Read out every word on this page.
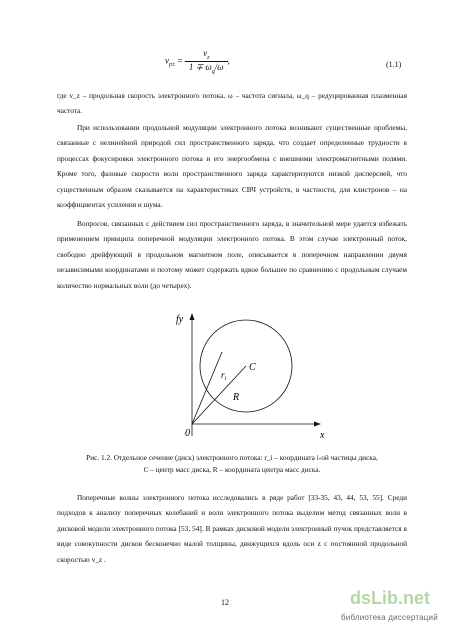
$v_{p\pm} = \frac{v_z}{1 \mp \omega_q/\omega}$ ,	(1.1)
где v_z – продольная скорость электронного потока, ω – частота сигнала, ω_q – редуцированная плазменная частота.
При использовании продольной модуляции электронного потока возникают существенные проблемы, связанные с нелинейной природой сил пространственного заряда, что создает определенные трудности в процессах фокусировки электронного потока и его энергообмена с внешними электромагнитными полями. Кроме того, фазовые скорости волн пространственного заряда характеризуются низкой дисперсией, что существенным образом сказывается на характеристиках СВЧ устройств, в частности, для клистронов – на коэффициентах усиления и шума.
Вопросов, связанных с действием сил пространственного заряда, в значительной мере удается избежать применением принципа поперечной модуляции электронного потока. В этом случае электронный поток, свободно дрейфующий в продольном магнитном поле, описывается в поперечном направлении двумя независимыми координатами и поэтому может содержать вдвое большее по сравнению с продольным случаем количество нормальных волн (до четырех).
fy
x
0
C
$r_i$
R
Рис. 1.2. Отдельное сечение (диск) электронного потока: r_i – координата i-ой частицы диска,
C – центр масс диска, R – координата центра масс диска.
Поперечные волны электронного потока исследовались в ряде работ [33-35, 43, 44, 53, 55]. Среди подходов к анализу поперечных колебаний и волн электронного потока выделим метод связанных волн в дисковой модели электронного потока [53, 54]. В рамках дисковой модели электронный пучок представляется в виде совокупности дисков бесконечно малой толщины, движущихся вдоль оси z с постоянной продольной скоростью v_z .
12	dsLib.net
библиотека диссертаций
